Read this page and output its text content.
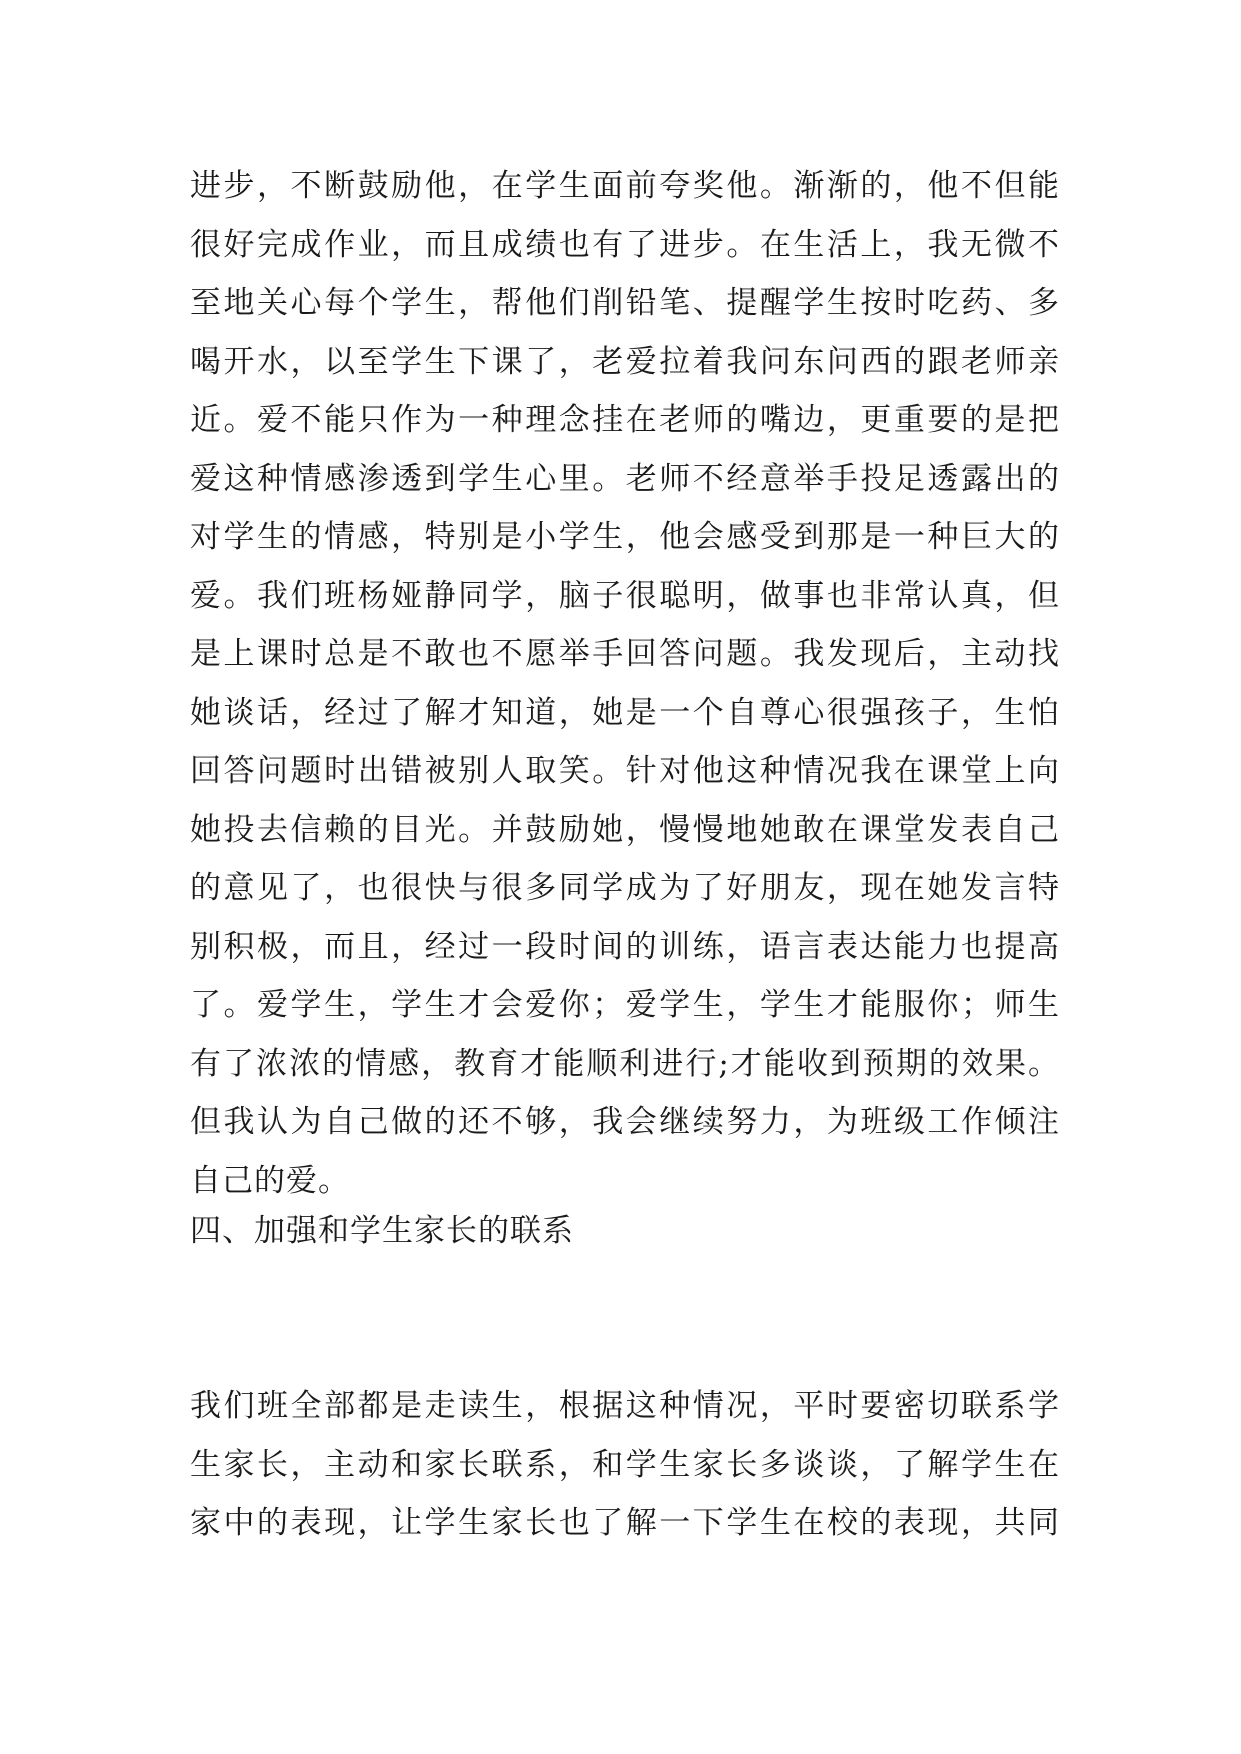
进步，不断鼓励他，在学生面前夸奖他。渐渐的，他不但能
很好完成作业，而且成绩也有了进步。在生活上，我无微不
至地关心每个学生，帮他们削铅笔、提醒学生按时吃药、多
喝开水，以至学生下课了，老爱拉着我问东问西的跟老师亲
近。爱不能只作为一种理念挂在老师的嘴边，更重要的是把
爱这种情感渗透到学生心里。老师不经意举手投足透露出的
对学生的情感，特别是小学生，他会感受到那是一种巨大的
爱。我们班杨娅静同学，脑子很聪明，做事也非常认真，但
是上课时总是不敢也不愿举手回答问题。我发现后，主动找
她谈话，经过了解才知道，她是一个自尊心很强孩子，生怕
回答问题时出错被别人取笑。针对他这种情况我在课堂上向
她投去信赖的目光。并鼓励她，慢慢地她敢在课堂发表自己
的意见了，也很快与很多同学成为了好朋友，现在她发言特
别积极，而且，经过一段时间的训练，语言表达能力也提高
了。爱学生，学生才会爱你；爱学生，学生才能服你；师生
有了浓浓的情感，教育才能顺利进行;才能收到预期的效果。
但我认为自己做的还不够，我会继续努力，为班级工作倾注
自己的爱。
四、加强和学生家长的联系
我们班全部都是走读生，根据这种情况，平时要密切联系学
生家长，主动和家长联系，和学生家长多谈谈，了解学生在
家中的表现，让学生家长也了解一下学生在校的表现，共同
